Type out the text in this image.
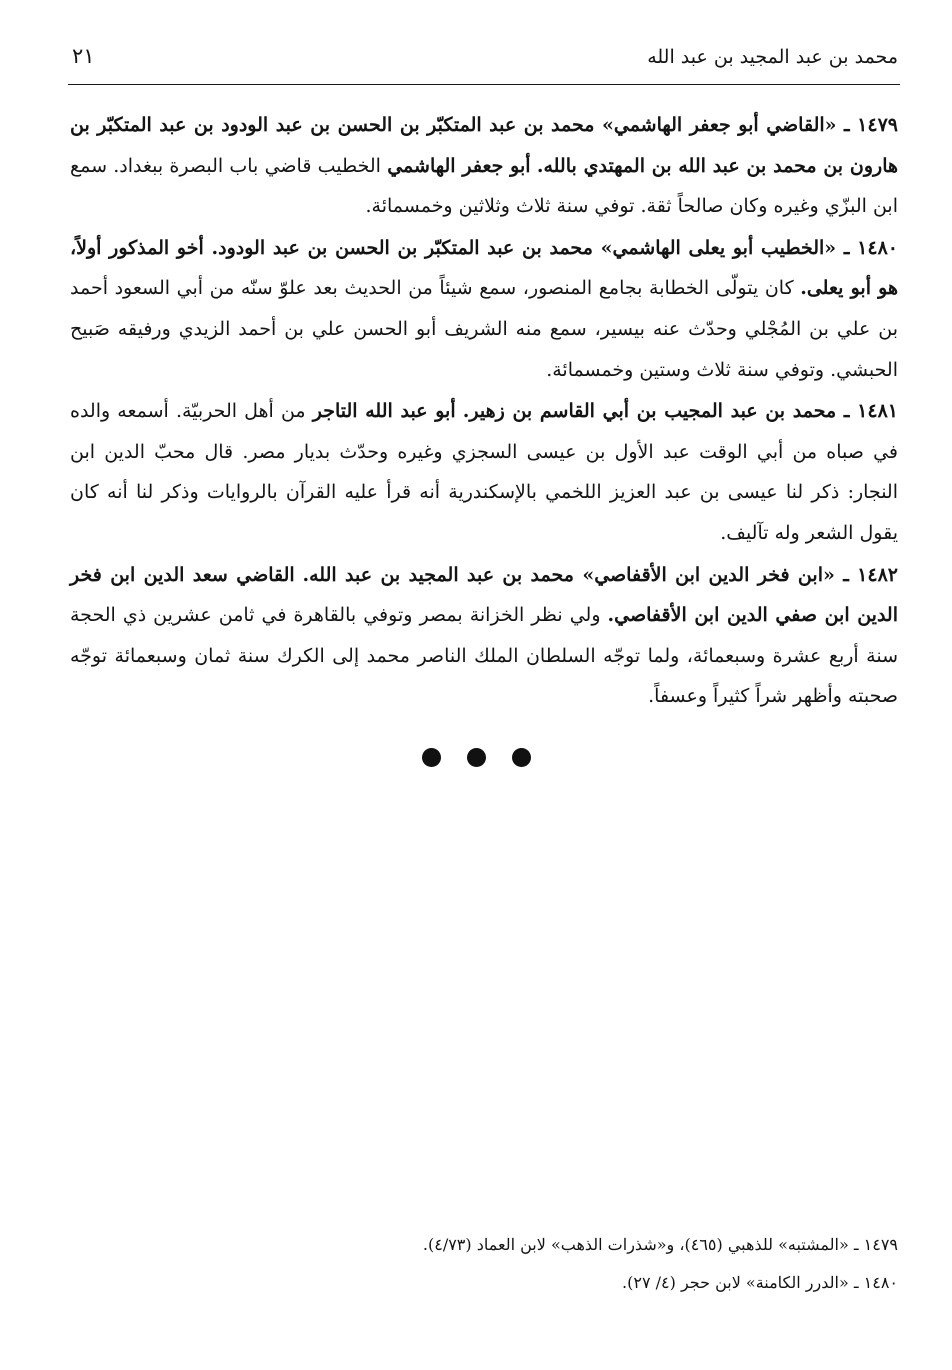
محمد بن عبد المجيد بن عبد الله
٢١

١٤٧٩ ـ «القاضي أبو جعفر الهاشمي» محمد بن عبد المتكبّر بن الحسن بن عبد الودود بن عبد المتكبّر بن هارون بن محمد بن عبد الله بن المهتدي بالله. أبو جعفر الهاشمي الخطيب قاضي باب البصرة ببغداد. سمع ابن البزّي وغيره وكان صالحاً ثقة. توفي سنة ثلاث وثلاثين وخمسمائة.

١٤٨٠ ـ «الخطيب أبو يعلى الهاشمي» محمد بن عبد المتكبّر بن الحسن بن عبد الودود. أخو المذكور أولاً، هو أبو يعلى. كان يتولّى الخطابة بجامع المنصور، سمع شيئاً من الحديث بعد علوّ سنّه من أبي السعود أحمد بن علي بن المُجْلي وحدّث عنه بيسير، سمع منه الشريف أبو الحسن علي بن أحمد الزيدي ورفيقه صَبيح الحبشي. وتوفي سنة ثلاث وستين وخمسمائة.

١٤٨١ ـ محمد بن عبد المجيب بن أبي القاسم بن زهير. أبو عبد الله التاجر من أهل الحربيّة. أسمعه والده في صباه من أبي الوقت عبد الأول بن عيسى السجزي وغيره وحدّث بديار مصر. قال محبّ الدين ابن النجار: ذكر لنا عيسى بن عبد العزيز اللخمي بالإسكندرية أنه قرأ عليه القرآن بالروايات وذكر لنا أنه كان يقول الشعر وله تآليف.

١٤٨٢ ـ «ابن فخر الدين ابن الأقفاصي» محمد بن عبد المجيد بن عبد الله. القاضي سعد الدين ابن فخر الدين ابن صفي الدين ابن الأقفاصي. ولي نظر الخزانة بمصر وتوفي بالقاهرة في ثامن عشرين ذي الحجة سنة أربع عشرة وسبعمائة، ولما توجّه السلطان الملك الناصر محمد إلى الكرك سنة ثمان وسبعمائة توجّه صحبته وأظهر شراً كثيراً وعسفاً.

١٤٧٩ ـ «المشتبه» للذهبي (٤٦٥)، و«شذرات الذهب» لابن العماد (٤/٧٣).
١٤٨٠ ـ «الدرر الكامنة» لابن حجر (٤/ ٢٧).
